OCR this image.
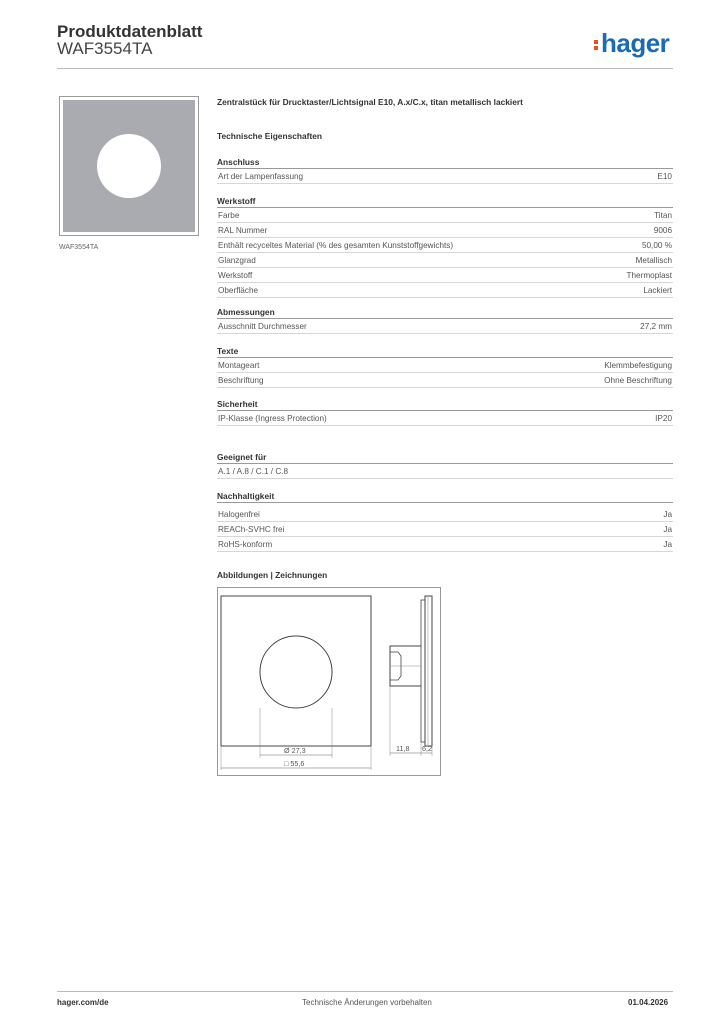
Produktdatenblatt
WAF3554TA	hager
WAF3554TA
Zentralstück für Drucktaster/Lichtsignal E10, A.x/C.x, titan metallisch lackiert
Technische Eigenschaften
Anschluss
Art der Lampenfassung	E10
Werkstoff
Farbe	Titan
RAL Nummer	9006
Enthält recyceltes Material (% des gesamten Kunststoffgewichts)	50,00 %
Glanzgrad	Metallisch
Werkstoff	Thermoplast
Oberfläche	Lackiert
Abmessungen
Ausschnitt Durchmesser	27,2 mm
Texte
Montageart	Klemmbefestigung
Beschriftung	Ohne Beschriftung
Sicherheit
IP-Klasse (Ingress Protection)	IP20
Geeignet für
A.1 / A.8 / C.1 / C.8
Nachhaltigkeit
Halogenfrei	Ja
REACh-SVHC frei	Ja
RoHS-konform	Ja
Abbildungen | Zeichnungen
Ø 27,3
□ 55,6
11,8 6,2
hager.com/de	Technische Änderungen vorbehalten	01.04.2026
